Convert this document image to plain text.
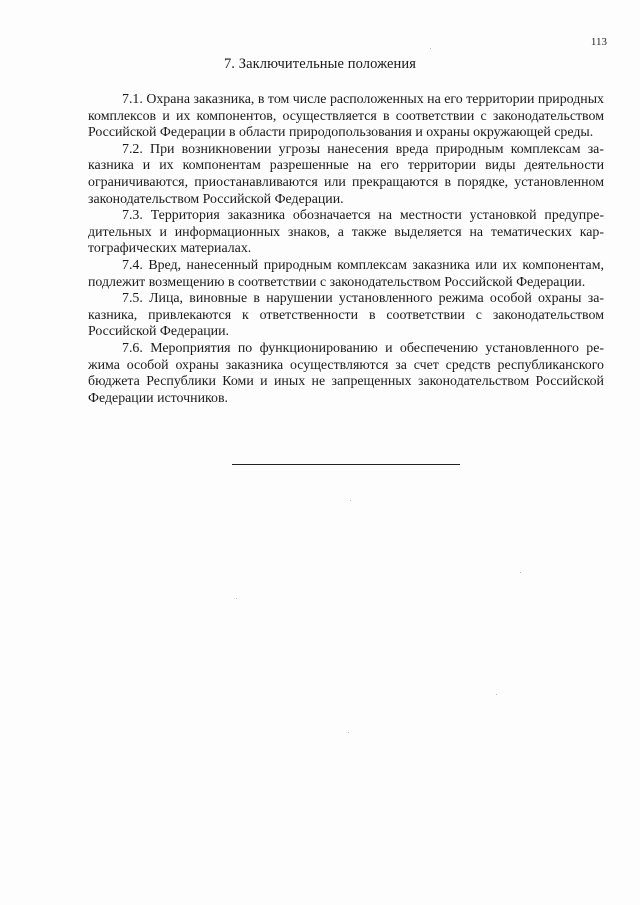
113
7. Заключительные положения

7.1. Охрана заказника, в том числе расположенных на его территории природных комплексов и их компонентов, осуществляется в соответствии с законодательством Российской Федерации в области природопользования и охраны окружающей среды.

7.2. При возникновении угрозы нанесения вреда природным комплексам заказника и их компонентам разрешенные на его территории виды деятельности ограничиваются, приостанавливаются или прекращаются в порядке, установленном законодательством Российской Федерации.

7.3. Территория заказника обозначается на местности установкой предупредительных и информационных знаков, а также выделяется на тематических картографических материалах.

7.4. Вред, нанесенный природным комплексам заказника или их компонентам, подлежит возмещению в соответствии с законодательством Российской Федерации.

7.5. Лица, виновные в нарушении установленного режима особой охраны заказника, привлекаются к ответственности в соответствии с законодательством Российской Федерации.

7.6. Мероприятия по функционированию и обеспечению установленного режима особой охраны заказника осуществляются за счет средств республиканского бюджета Республики Коми и иных не запрещенных законодательством Российской Федерации источников.
